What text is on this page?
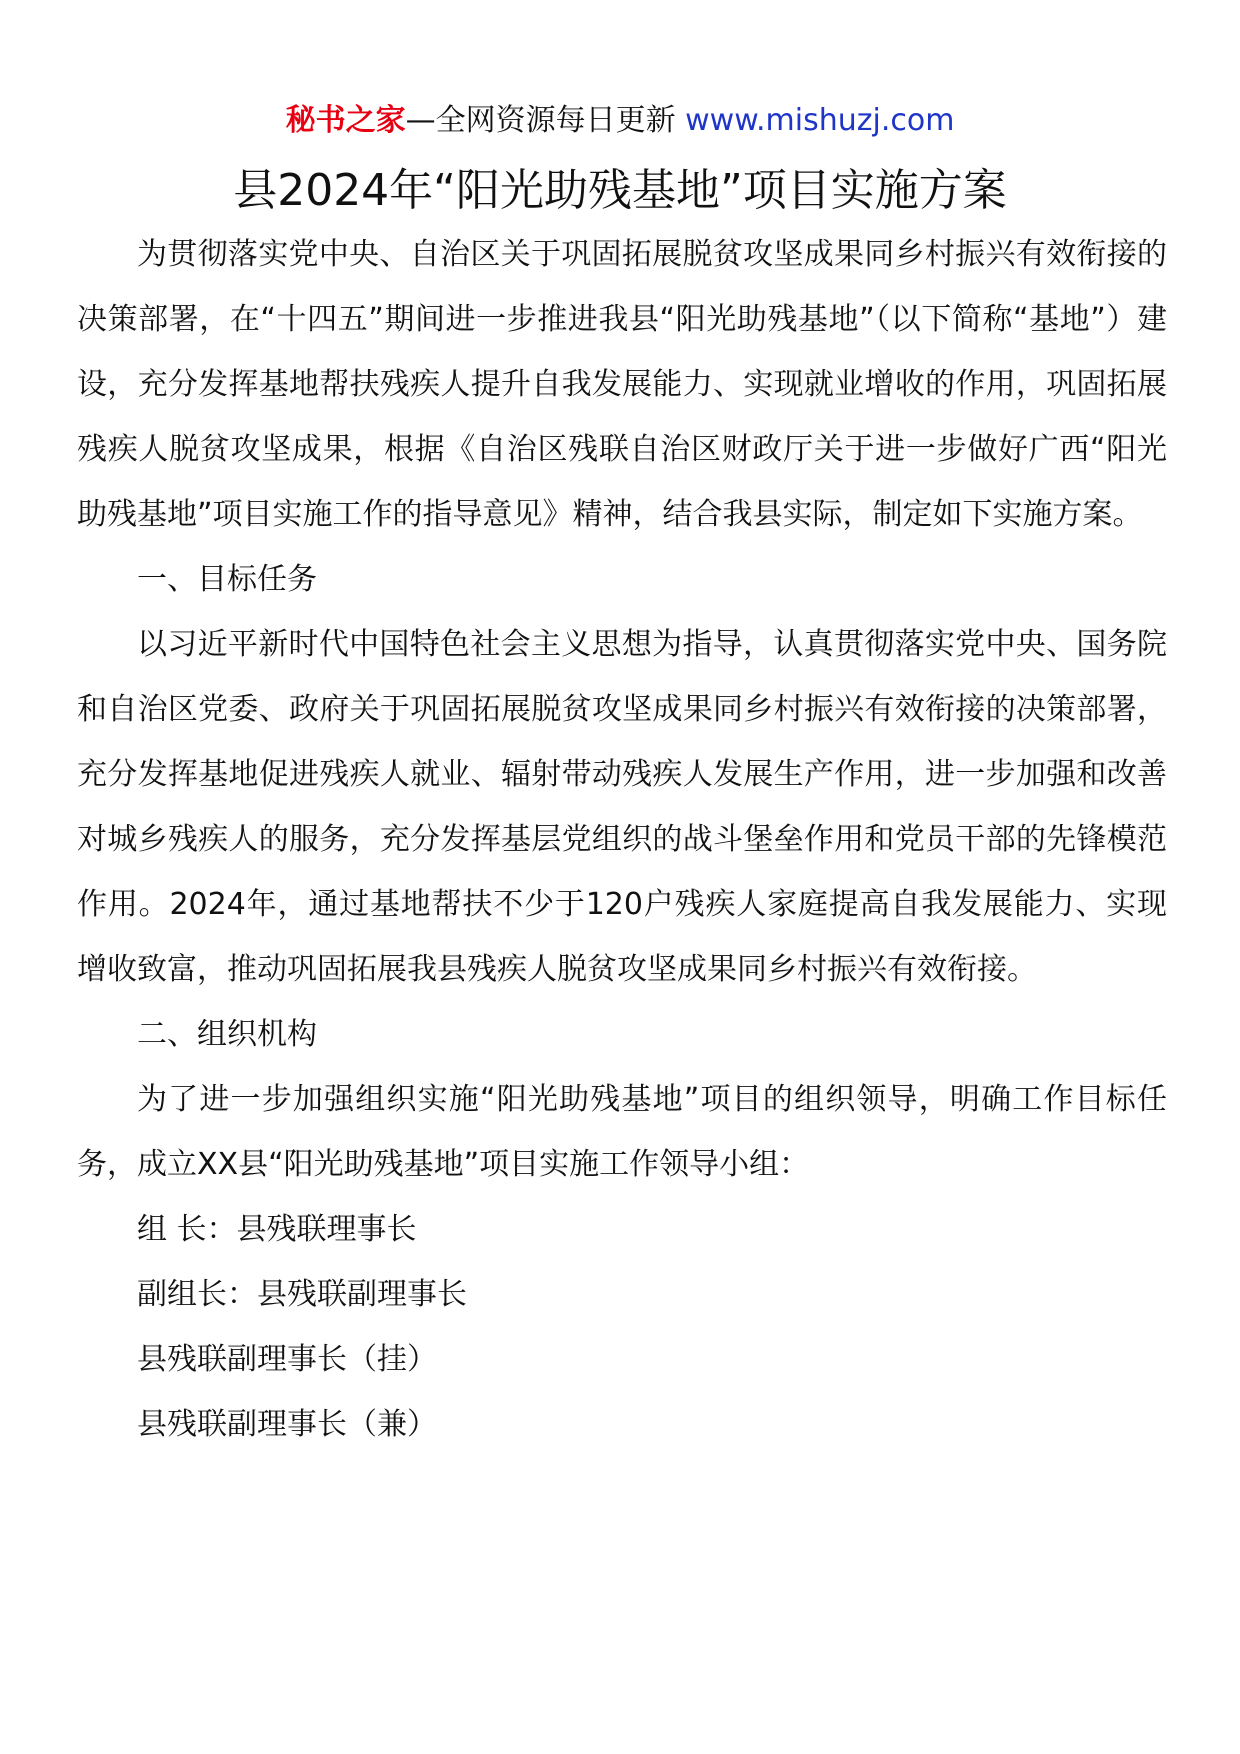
秘书之家—全网资源每日更新 www.mishuzj.com
县2024年“阳光助残基地”项目实施方案

为贯彻落实党中央、自治区关于巩固拓展脱贫攻坚成果同乡村振兴有效衔接的决策部署，在“十四五”期间进一步推进我县“阳光助残基地”（以下简称“基地”）建设，充分发挥基地帮扶残疾人提升自我发展能力、实现就业增收的作用，巩固拓展残疾人脱贫攻坚成果，根据《自治区残联自治区财政厅关于进一步做好广西“阳光助残基地”项目实施工作的指导意见》精神，结合我县实际，制定如下实施方案。

一、目标任务

以习近平新时代中国特色社会主义思想为指导，认真贯彻落实党中央、国务院和自治区党委、政府关于巩固拓展脱贫攻坚成果同乡村振兴有效衔接的决策部署，充分发挥基地促进残疾人就业、辐射带动残疾人发展生产作用，进一步加强和改善对城乡残疾人的服务，充分发挥基层党组织的战斗堡垒作用和党员干部的先锋模范作用。2024年，通过基地帮扶不少于120户残疾人家庭提高自我发展能力、实现增收致富，推动巩固拓展我县残疾人脱贫攻坚成果同乡村振兴有效衔接。

二、组织机构

为了进一步加强组织实施“阳光助残基地”项目的组织领导，明确工作目标任务，成立XX县“阳光助残基地”项目实施工作领导小组：

组 长：县残联理事长

副组长：县残联副理事长

县残联副理事长（挂）

县残联副理事长（兼）
